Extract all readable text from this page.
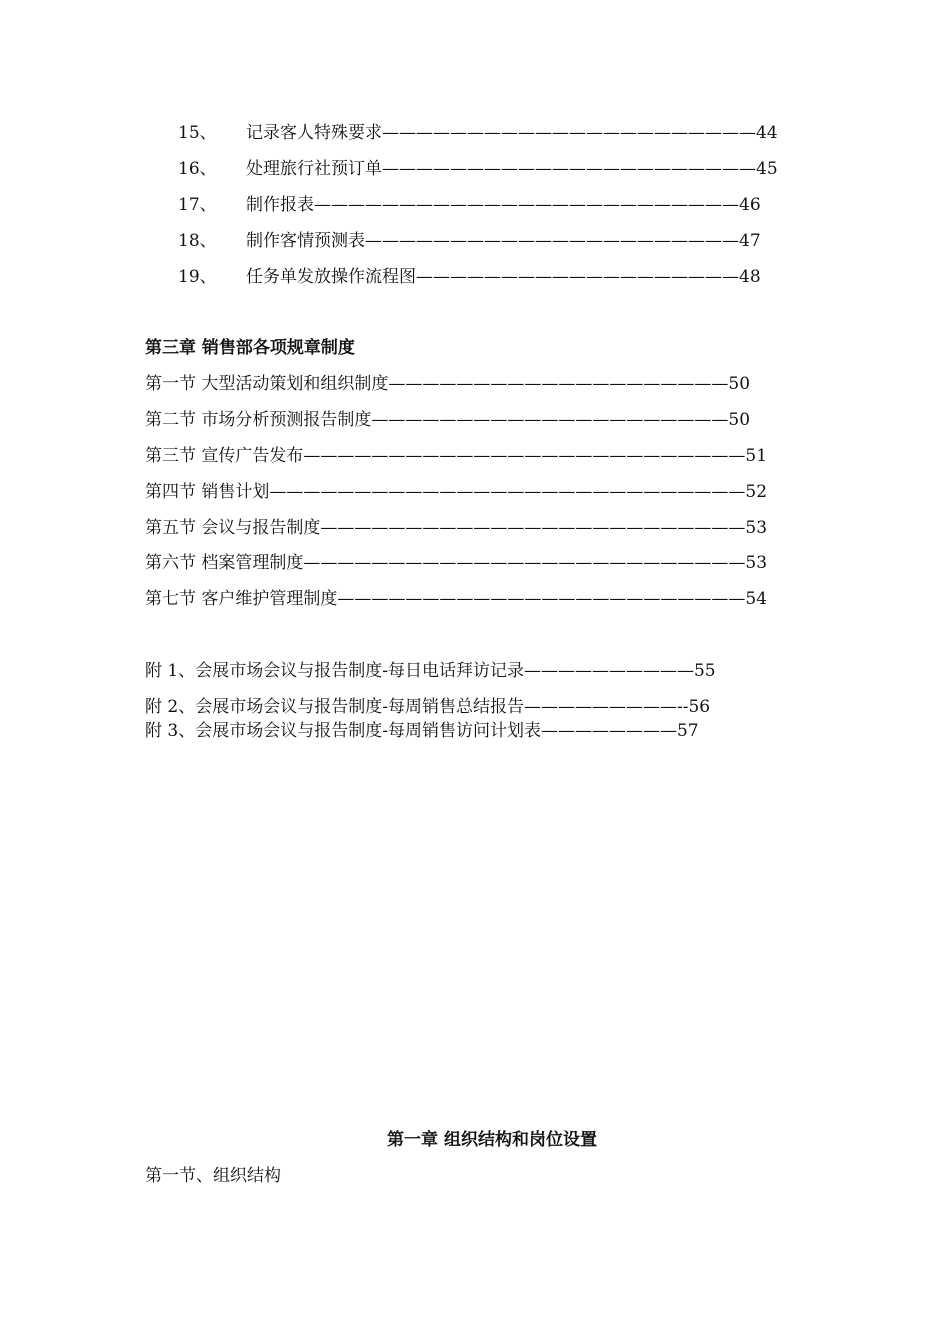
15、 记录客人特殊要求——————————————————————44
16、 处理旅行社预订单——————————————————————45
17、 制作报表—————————————————————————46
18、 制作客情预测表——————————————————————47
19、 任务单发放操作流程图———————————————————48
第三章 销售部各项规章制度
第一节 大型活动策划和组织制度————————————————————50
第二节 市场分析预测报告制度—————————————————————50
第三节 宣传广告发布——————————————————————————51
第四节 销售计划————————————————————————————52
第五节 会议与报告制度—————————————————————————53
第六节 档案管理制度——————————————————————————53
第七节 客户维护管理制度————————————————————————54
附 1、会展市场会议与报告制度-每日电话拜访记录——————————55
附 2、会展市场会议与报告制度-每周销售总结报告—————————--56
附 3、会展市场会议与报告制度-每周销售访问计划表————————57
第一章 组织结构和岗位设置
第一节、组织结构
